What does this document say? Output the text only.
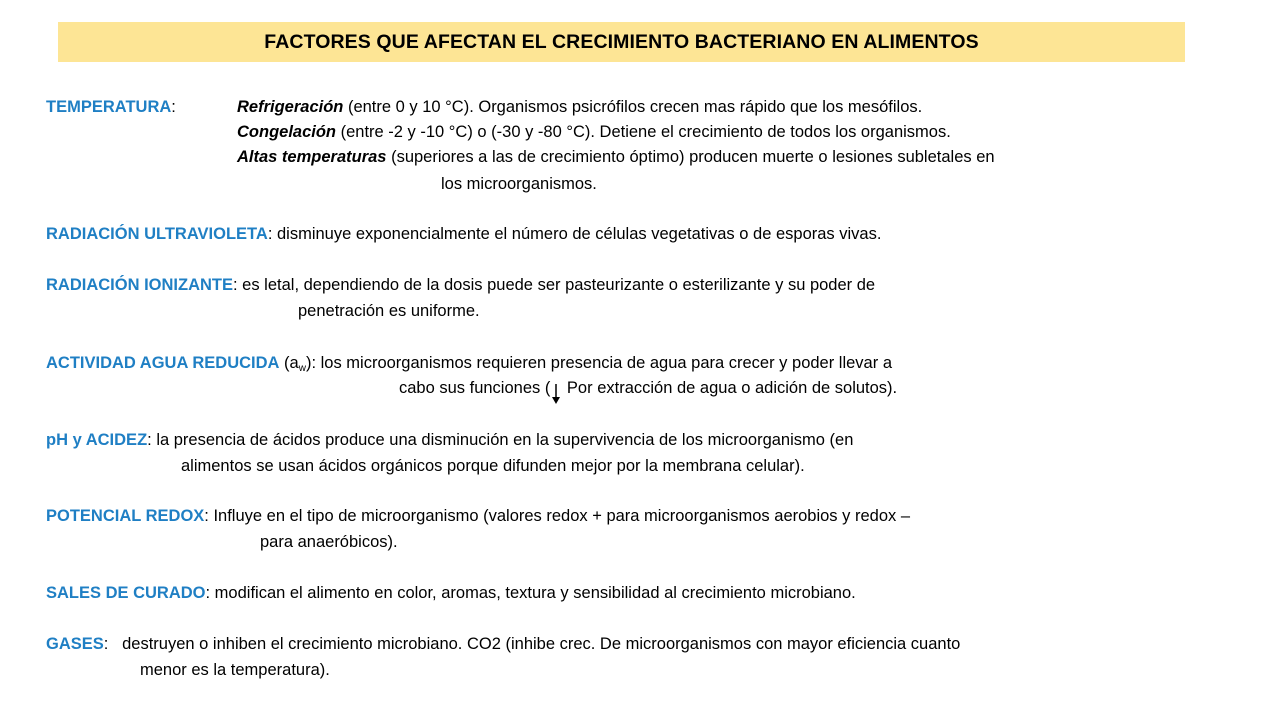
FACTORES QUE AFECTAN EL CRECIMIENTO BACTERIANO EN ALIMENTOS
TEMPERATURA:	Refrigeración (entre 0 y 10 °C). Organismos psicrófilos crecen mas rápido que los mesófilos.
Congelación (entre -2 y -10 °C) o (-30 y -80 °C). Detiene el crecimiento de todos los organismos.
Altas temperaturas (superiores a las de crecimiento óptimo) producen muerte o lesiones subletales en
los microorganismos.
RADIACIÓN ULTRAVIOLETA: disminuye exponencialmente el número de células vegetativas o de esporas vivas.
RADIACIÓN IONIZANTE: es letal, dependiendo de la dosis puede ser pasteurizante o esterilizante y su poder de
penetración es uniforme.
ACTIVIDAD AGUA REDUCIDA $(a_w)$: los microorganismos requieren presencia de agua para crecer y poder llevar a
cabo sus funciones (
Por extracción de agua o adición de solutos).
pH y ACIDEZ: la presencia de ácidos produce una disminución en la supervivencia de los microorganismo (en
alimentos se usan ácidos orgánicos porque difunden mejor por la membrana celular).
POTENCIAL REDOX: Influye en el tipo de microorganismo (valores redox + para microorganismos aerobios y redox –
para anaeróbicos).
SALES DE CURADO: modifican el alimento en color, aromas, textura y sensibilidad al crecimiento microbiano.
GASES:   destruyen o inhiben el crecimiento microbiano. CO2 (inhibe crec. De microorganismos con mayor eficiencia cuanto
menor es la temperatura).
